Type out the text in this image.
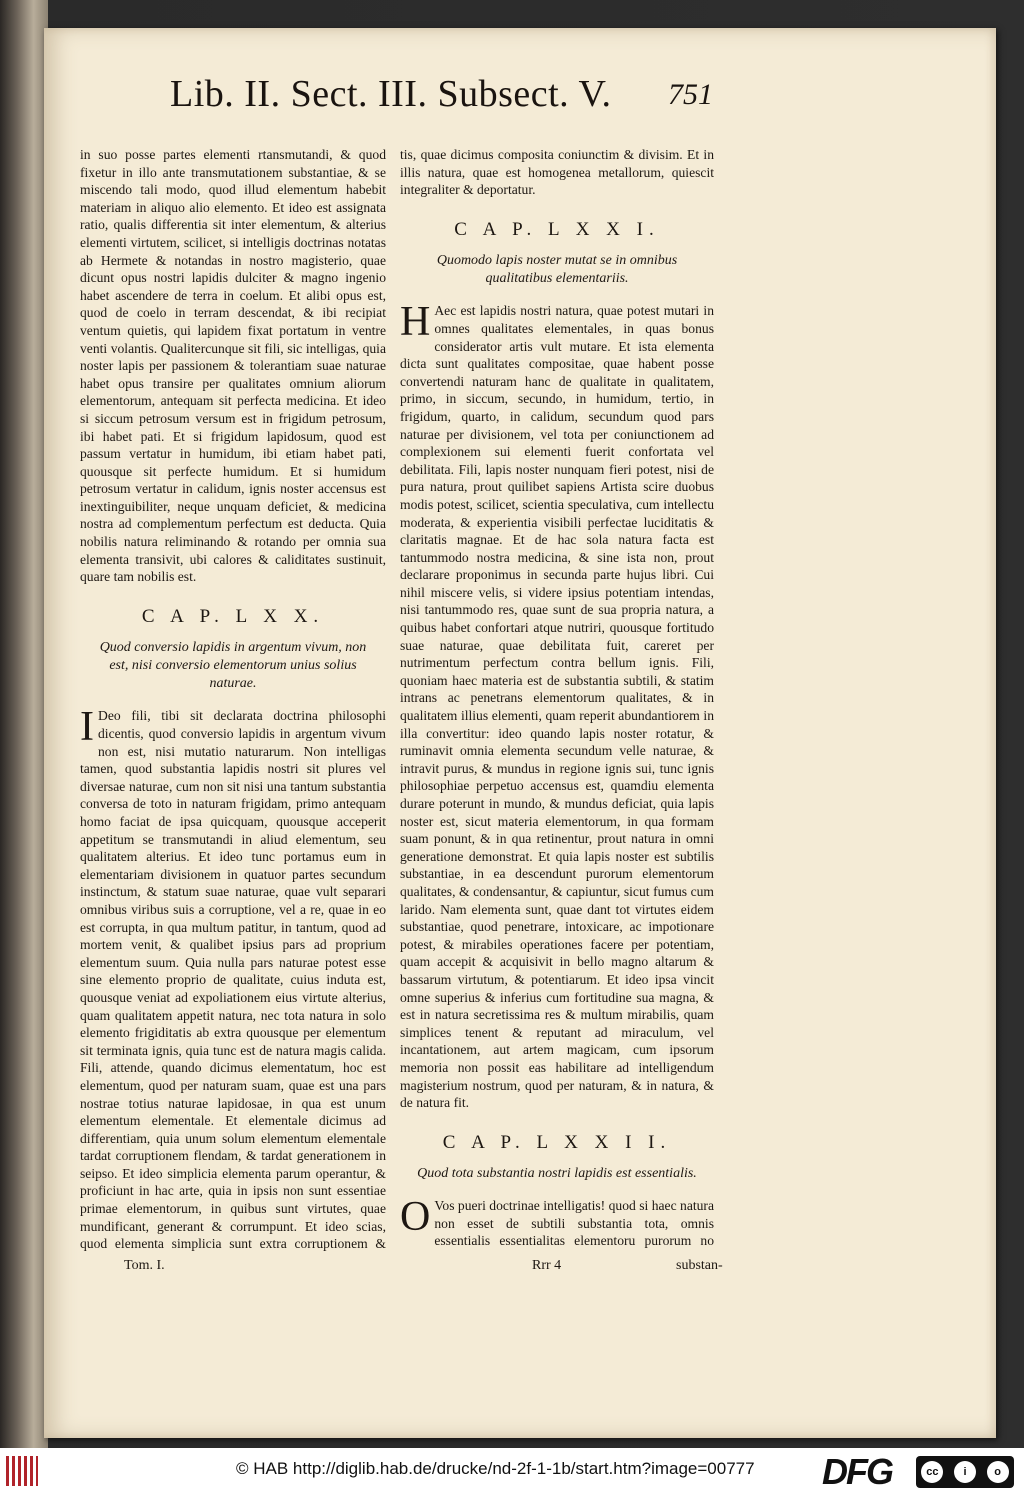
Lib. II. Sect. III. Subsect. V.	751

in suo posse partes elementi rtansmutandi, & quod fixetur in illo ante transmutationem substantiae, & se miscendo tali modo, quod illud elementum habebit materiam in aliquo alio elemento. Et ideo est assignata ratio, qualis differentia sit inter elementum, & alterius elementi virtutem, scilicet, si intelligis doctrinas notatas ab Hermete & notandas in nostro magisterio, quae dicunt opus nostri lapidis dulciter & magno ingenio habet ascendere de terra in coelum. Et alibi opus est, quod de coelo in terram descendat, & ibi recipiat ventum quietis, qui lapidem fixat portatum in ventre venti volantis. Qualitercunque sit fili, sic intelligas, quia noster lapis per passionem & tolerantiam suae naturae habet opus transire per qualitates omnium aliorum elementorum, antequam sit perfecta medicina. Et ideo si siccum petrosum versum est in frigidum petrosum, ibi habet pati. Et si frigidum lapidosum, quod est passum vertatur in humidum, ibi etiam habet pati, quousque sit perfecte humidum. Et si humidum petrosum vertatur in calidum, ignis noster accensus est inextinguibiliter, neque unquam deficiet, & medicina nostra ad complementum perfectum est deducta. Quia nobilis natura reliminando & rotando per omnia sua elementa transivit, ubi calores & caliditates sustinuit, quare tam nobilis est.

C A P. L X X.
Quod conversio lapidis in argentum vivum, non est, nisi conversio elementorum unius solius naturae.

I Deo fili, tibi sit declarata doctrina philosophi dicentis, quod conversio lapidis in argentum vivum non est, nisi mutatio naturarum. Non intelligas tamen, quod substantia lapidis nostri sit plures vel diversae naturae, cum non sit nisi una tantum substantia conversa de toto in naturam frigidam, primo antequam homo faciat de ipsa quicquam, quousque acceperit appetitum se transmutandi in aliud elementum, seu qualitatem alterius. Et ideo tunc portamus eum in elementariam divisionem in quatuor partes secundum instinctum, & statum suae naturae, quae vult separari omnibus viribus suis a corruptione, vel a re, quae in eo est corrupta, in qua multum patitur, in tantum, quod ad mortem venit, & qualibet ipsius pars ad proprium elementum suum. Quia nulla pars naturae potest esse sine elemento proprio de qualitate, cuius induta est, quousque veniat ad expoliationem eius virtute alterius, quam qualitatem appetit natura, nec tota natura in solo elemento frigiditatis ab extra quousque per elementum sit terminata ignis, quia tunc est de natura magis calida. Fili, attende, quando dicimus elementatum, hoc est elementum, quod per naturam suam, quae est una pars nostrae totius naturae lapidosae, in qua est unum elementum elementale. Et elementale dicimus ad differentiam, quia unum solum elementum elementale tardat corruptionem flendam, & tardat generationem in seipso. Et ideo simplicia elementa parum operantur, & proficiunt in hac arte, quia in ipsis non sunt essentiae primae elementorum, in quibus sunt virtutes, quae mundificant, generant & corrumpunt. Et ideo scias, quod elementa simplicia sunt extra corruptionem &

tis, quae dicimus composita coniunctim & divisim. Et in illis natura, quae est homogenea metallorum, quiescit integraliter & deportatur.

C A P. L X X I.
Quomodo lapis noster mutat se in omnibus qualitatibus elementariis.

H Aec est lapidis nostri natura, quae potest mutari in omnes qualitates elementales, in quas bonus considerator artis vult mutare. Et ista elementa dicta sunt qualitates compositae, quae habent posse convertendi naturam hanc de qualitate in qualitatem, primo, in siccum, secundo, in humidum, tertio, in frigidum, quarto, in calidum, secundum quod pars naturae per divisionem, vel tota per coniunctionem ad complexionem sui elementi fuerit confortata vel debilitata. Fili, lapis noster nunquam fieri potest, nisi de pura natura, prout quilibet sapiens Artista scire duobus modis potest, scilicet, scientia speculativa, cum intellectu moderata, & experientia visibili perfectae luciditatis & claritatis magnae. Et de hac sola natura facta est tantummodo nostra medicina, & sine ista non, prout declarare proponimus in secunda parte hujus libri. Cui nihil miscere velis, si videre ipsius potentiam intendas, nisi tantummodo res, quae sunt de sua propria natura, a quibus habet confortari atque nutriri, quousque fortitudo suae naturae, quae debilitata fuit, careret per nutrimentum perfectum contra bellum ignis. Fili, quoniam haec materia est de substantia subtili, & statim intrans ac penetrans elementorum qualitates, & in qualitatem illius elementi, quam reperit abundantiorem in illa convertitur: ideo quando lapis noster rotatur, & ruminavit omnia elementa secundum velle naturae, & intravit purus, & mundus in regione ignis sui, tunc ignis philosophiae perpetuo accensus est, quamdiu elementa durare poterunt in mundo, & mundus deficiat, quia lapis noster est, sicut materia elementorum, in qua formam suam ponunt, & in qua retinentur, prout natura in omni generatione demonstrat. Et quia lapis noster est subtilis substantiae, in ea descendunt purorum elementorum qualitates, & condensantur, & capiuntur, sicut fumus cum larido. Nam elementa sunt, quae dant tot virtutes eidem substantiae, quod penetrare, intoxicare, ac impotionare potest, & mirabiles operationes facere per potentiam, quam accepit & acquisivit in bello magno altarum & bassarum virtutum, & potentiarum. Et ideo ipsa vincit omne superius & inferius cum fortitudine sua magna, & est in natura secretissima res & multum mirabilis, quam simplices tenent & reputant ad miraculum, vel incantationem, aut artem magicam, cum ipsorum memoria non possit eas habilitare ad intelligendum magisterium nostrum, quod per naturam, & in natura, & de natura fit.

C A P. L X X I I.
Quod tota substantia nostri lapidis est essentialis.

O Vos pueri doctrinae intelligatis! quod si haec natura non esset de subtili substantia tota, omnis essentialis essentialitas elementoru purorum no

Tom. I.	Rrr 4	substan-
© HAB http://diglib.hab.de/drucke/nd-2f-1-1b/start.htm?image=00777	DFG	cc	i	o
